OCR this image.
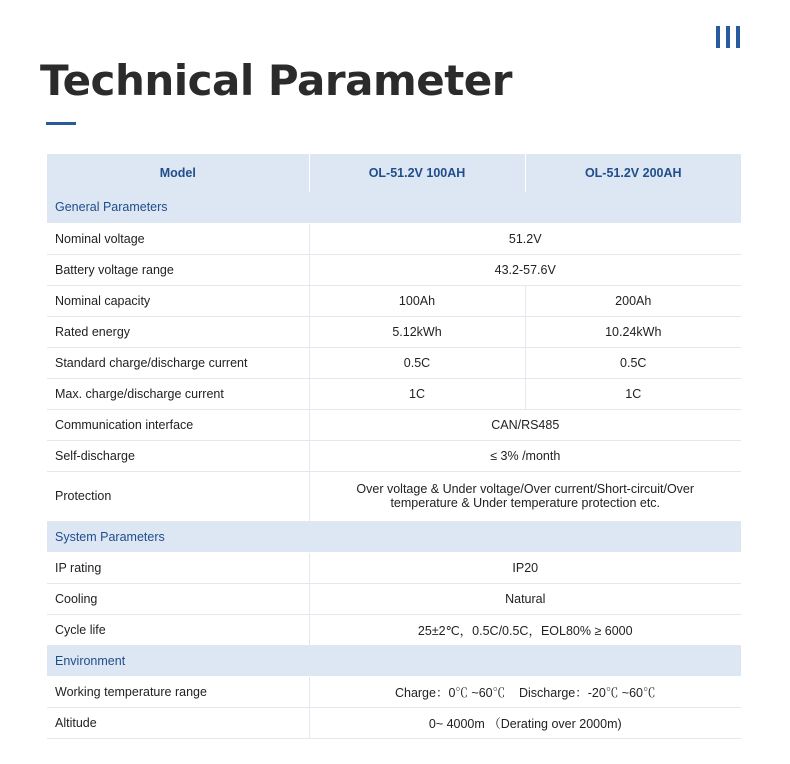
Technical Parameter
Model	OL-51.2V 100AH	OL-51.2V 200AH
General Parameters		
Nominal voltage	51.2V	
Battery voltage range	43.2-57.6V	
Nominal capacity	100Ah	200Ah
Rated energy	5.12kWh	10.24kWh
Standard charge/discharge current	0.5C	0.5C
Max. charge/discharge current	1C	1C
Communication interface	CAN/RS485	
Self-discharge	≤ 3% /month	
Protection	Over voltage & Under voltage/Over current/Short-circuit/Over temperature & Under temperature protection etc.	
System Parameters		
IP rating	IP20	
Cooling	Natural	
Cycle life	25±2℃，0.5C/0.5C，EOL80% ≥ 6000	
Environment		
Working temperature range	Charge：0℃ ~60℃    Discharge：-20℃ ~60℃	
Altitude	0~ 4000m （Derating over 2000m)	
